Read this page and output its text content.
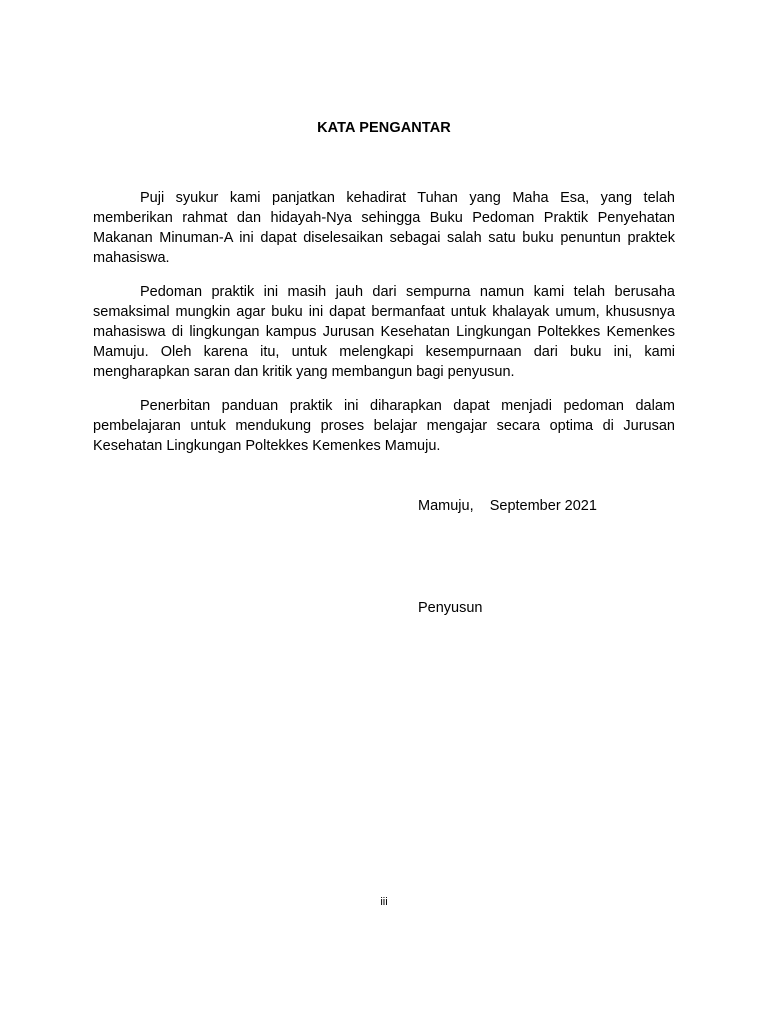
KATA PENGANTAR

Puji syukur kami panjatkan kehadirat Tuhan yang Maha Esa, yang telah memberikan rahmat dan hidayah-Nya sehingga Buku Pedoman Praktik Penyehatan Makanan Minuman-A ini dapat diselesaikan sebagai salah satu buku penuntun praktek mahasiswa.

Pedoman praktik ini masih jauh dari sempurna namun kami telah berusaha semaksimal mungkin agar buku ini dapat bermanfaat untuk khalayak umum, khususnya mahasiswa di lingkungan kampus Jurusan Kesehatan Lingkungan Poltekkes Kemenkes Mamuju. Oleh karena itu, untuk melengkapi kesempurnaan dari buku ini, kami mengharapkan saran dan kritik yang membangun bagi penyusun.

Penerbitan panduan praktik ini diharapkan dapat menjadi pedoman dalam pembelajaran untuk mendukung proses belajar mengajar secara optima di Jurusan Kesehatan Lingkungan Poltekkes Kemenkes Mamuju.

Mamuju,    September 2021
Penyusun
iii
